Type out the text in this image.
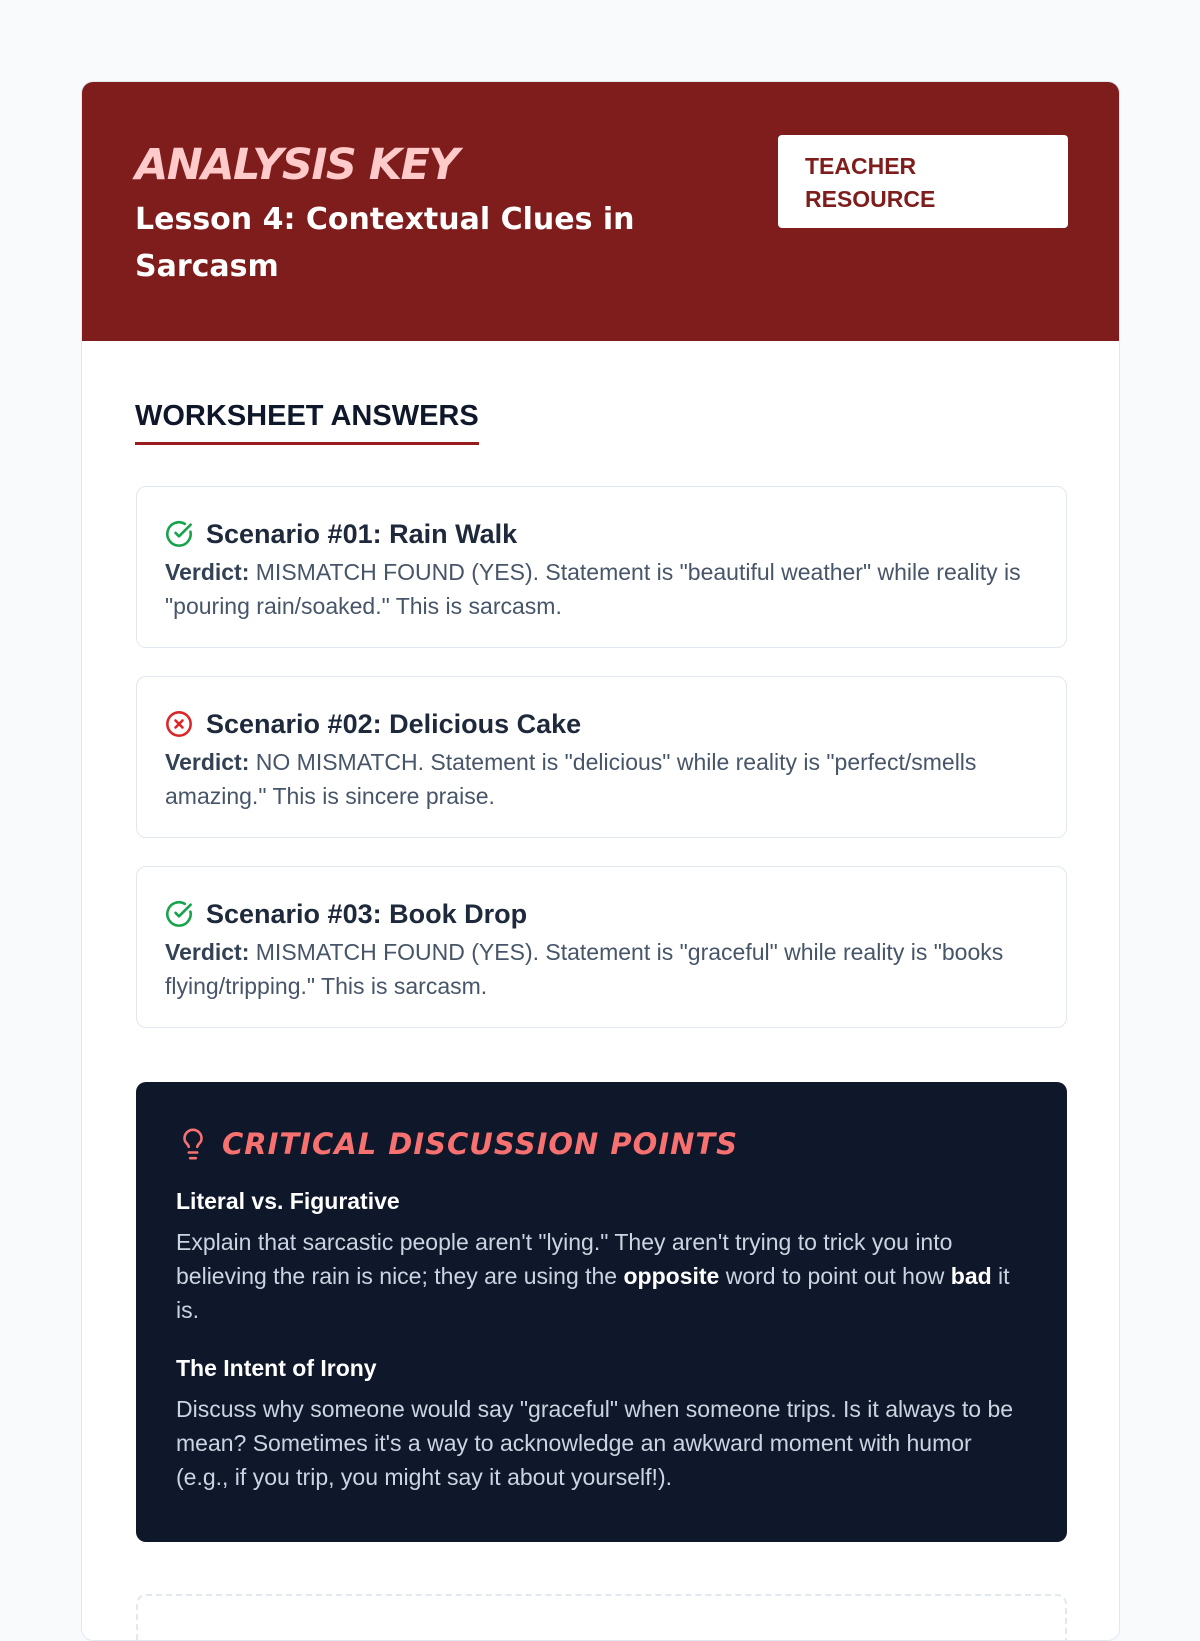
ANALYSIS KEY
Lesson 4: Contextual Clues in Sarcasm
TEACHER RESOURCE
WORKSHEET ANSWERS
Scenario #01: Rain Walk
Verdict: MISMATCH FOUND (YES). Statement is "beautiful weather" while reality is "pouring rain/soaked." This is sarcasm.
Scenario #02: Delicious Cake
Verdict: NO MISMATCH. Statement is "delicious" while reality is "perfect/smells amazing." This is sincere praise.
Scenario #03: Book Drop
Verdict: MISMATCH FOUND (YES). Statement is "graceful" while reality is "books flying/tripping." This is sarcasm.
CRITICAL DISCUSSION POINTS
Literal vs. Figurative
Explain that sarcastic people aren't "lying." They aren't trying to trick you into believing the rain is nice; they are using the opposite word to point out how bad it is.
The Intent of Irony
Discuss why someone would say "graceful" when someone trips. Is it always to be mean? Sometimes it's a way to acknowledge an awkward moment with humor (e.g., if you trip, you might say it about yourself!).
